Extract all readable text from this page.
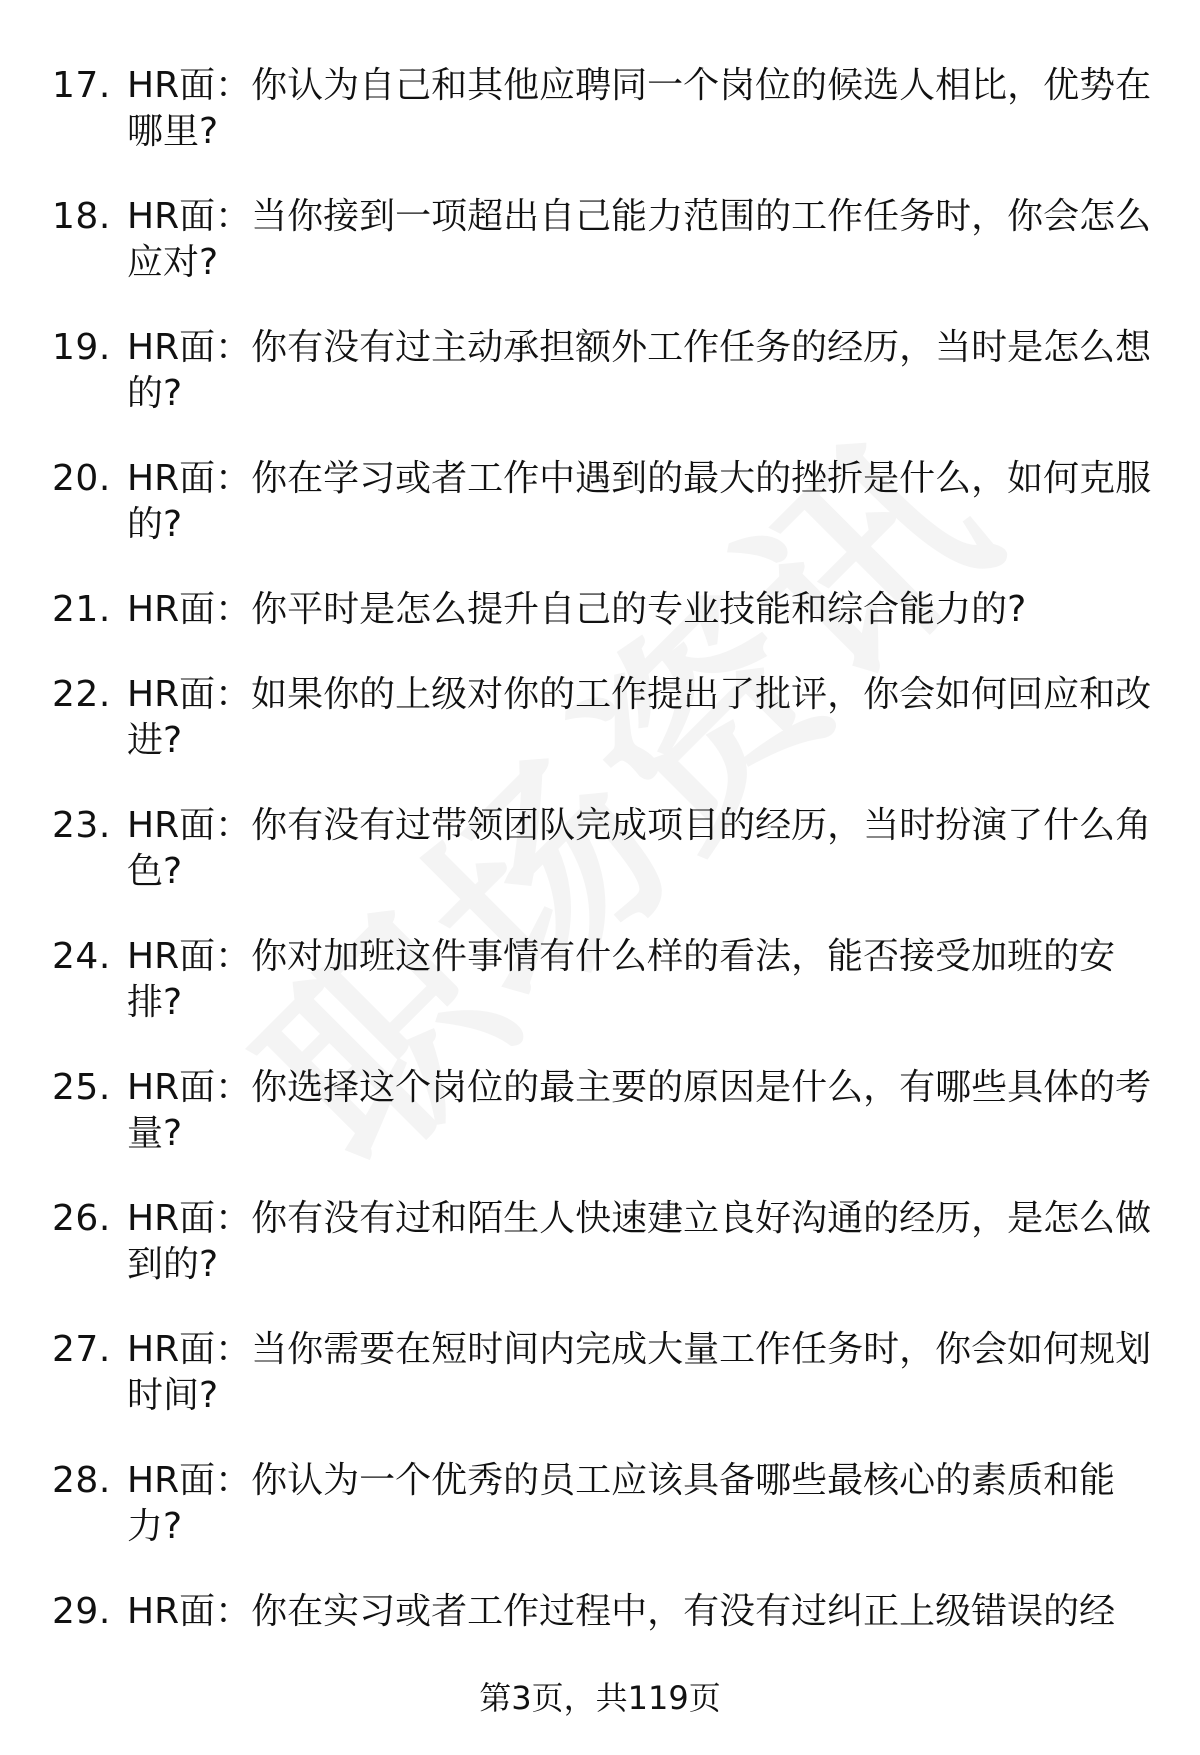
17 . HR面：你认为自己和其他应聘同一个岗位的候选人相比，优势在哪里?
18 . HR面：当你接到一项超出自己能力范围的工作任务时，你会怎么应对?
19 . HR面：你有没有过主动承担额外工作任务的经历，当时是怎么想的?
20 . HR面：你在学习或者工作中遇到的最大的挫折是什么，如何克服的?
21 . HR面：你平时是怎么提升自己的专业技能和综合能力的?
22 . HR面：如果你的上级对你的工作提出了批评，你会如何回应和改进?
23 . HR面：你有没有过带领团队完成项目的经历，当时扮演了什么角色?
24 . HR面：你对加班这件事情有什么样的看法，能否接受加班的安排?
25 . HR面：你选择这个岗位的最主要的原因是什么，有哪些具体的考量?
26 . HR面：你有没有过和陌生人快速建立良好沟通的经历，是怎么做到的?
27 . HR面：当你需要在短时间内完成大量工作任务时，你会如何规划时间?
28 . HR面：你认为一个优秀的员工应该具备哪些最核心的素质和能力?
29 . HR面：你在实习或者工作过程中，有没有过纠正上级错误的经
第3页，共119页
